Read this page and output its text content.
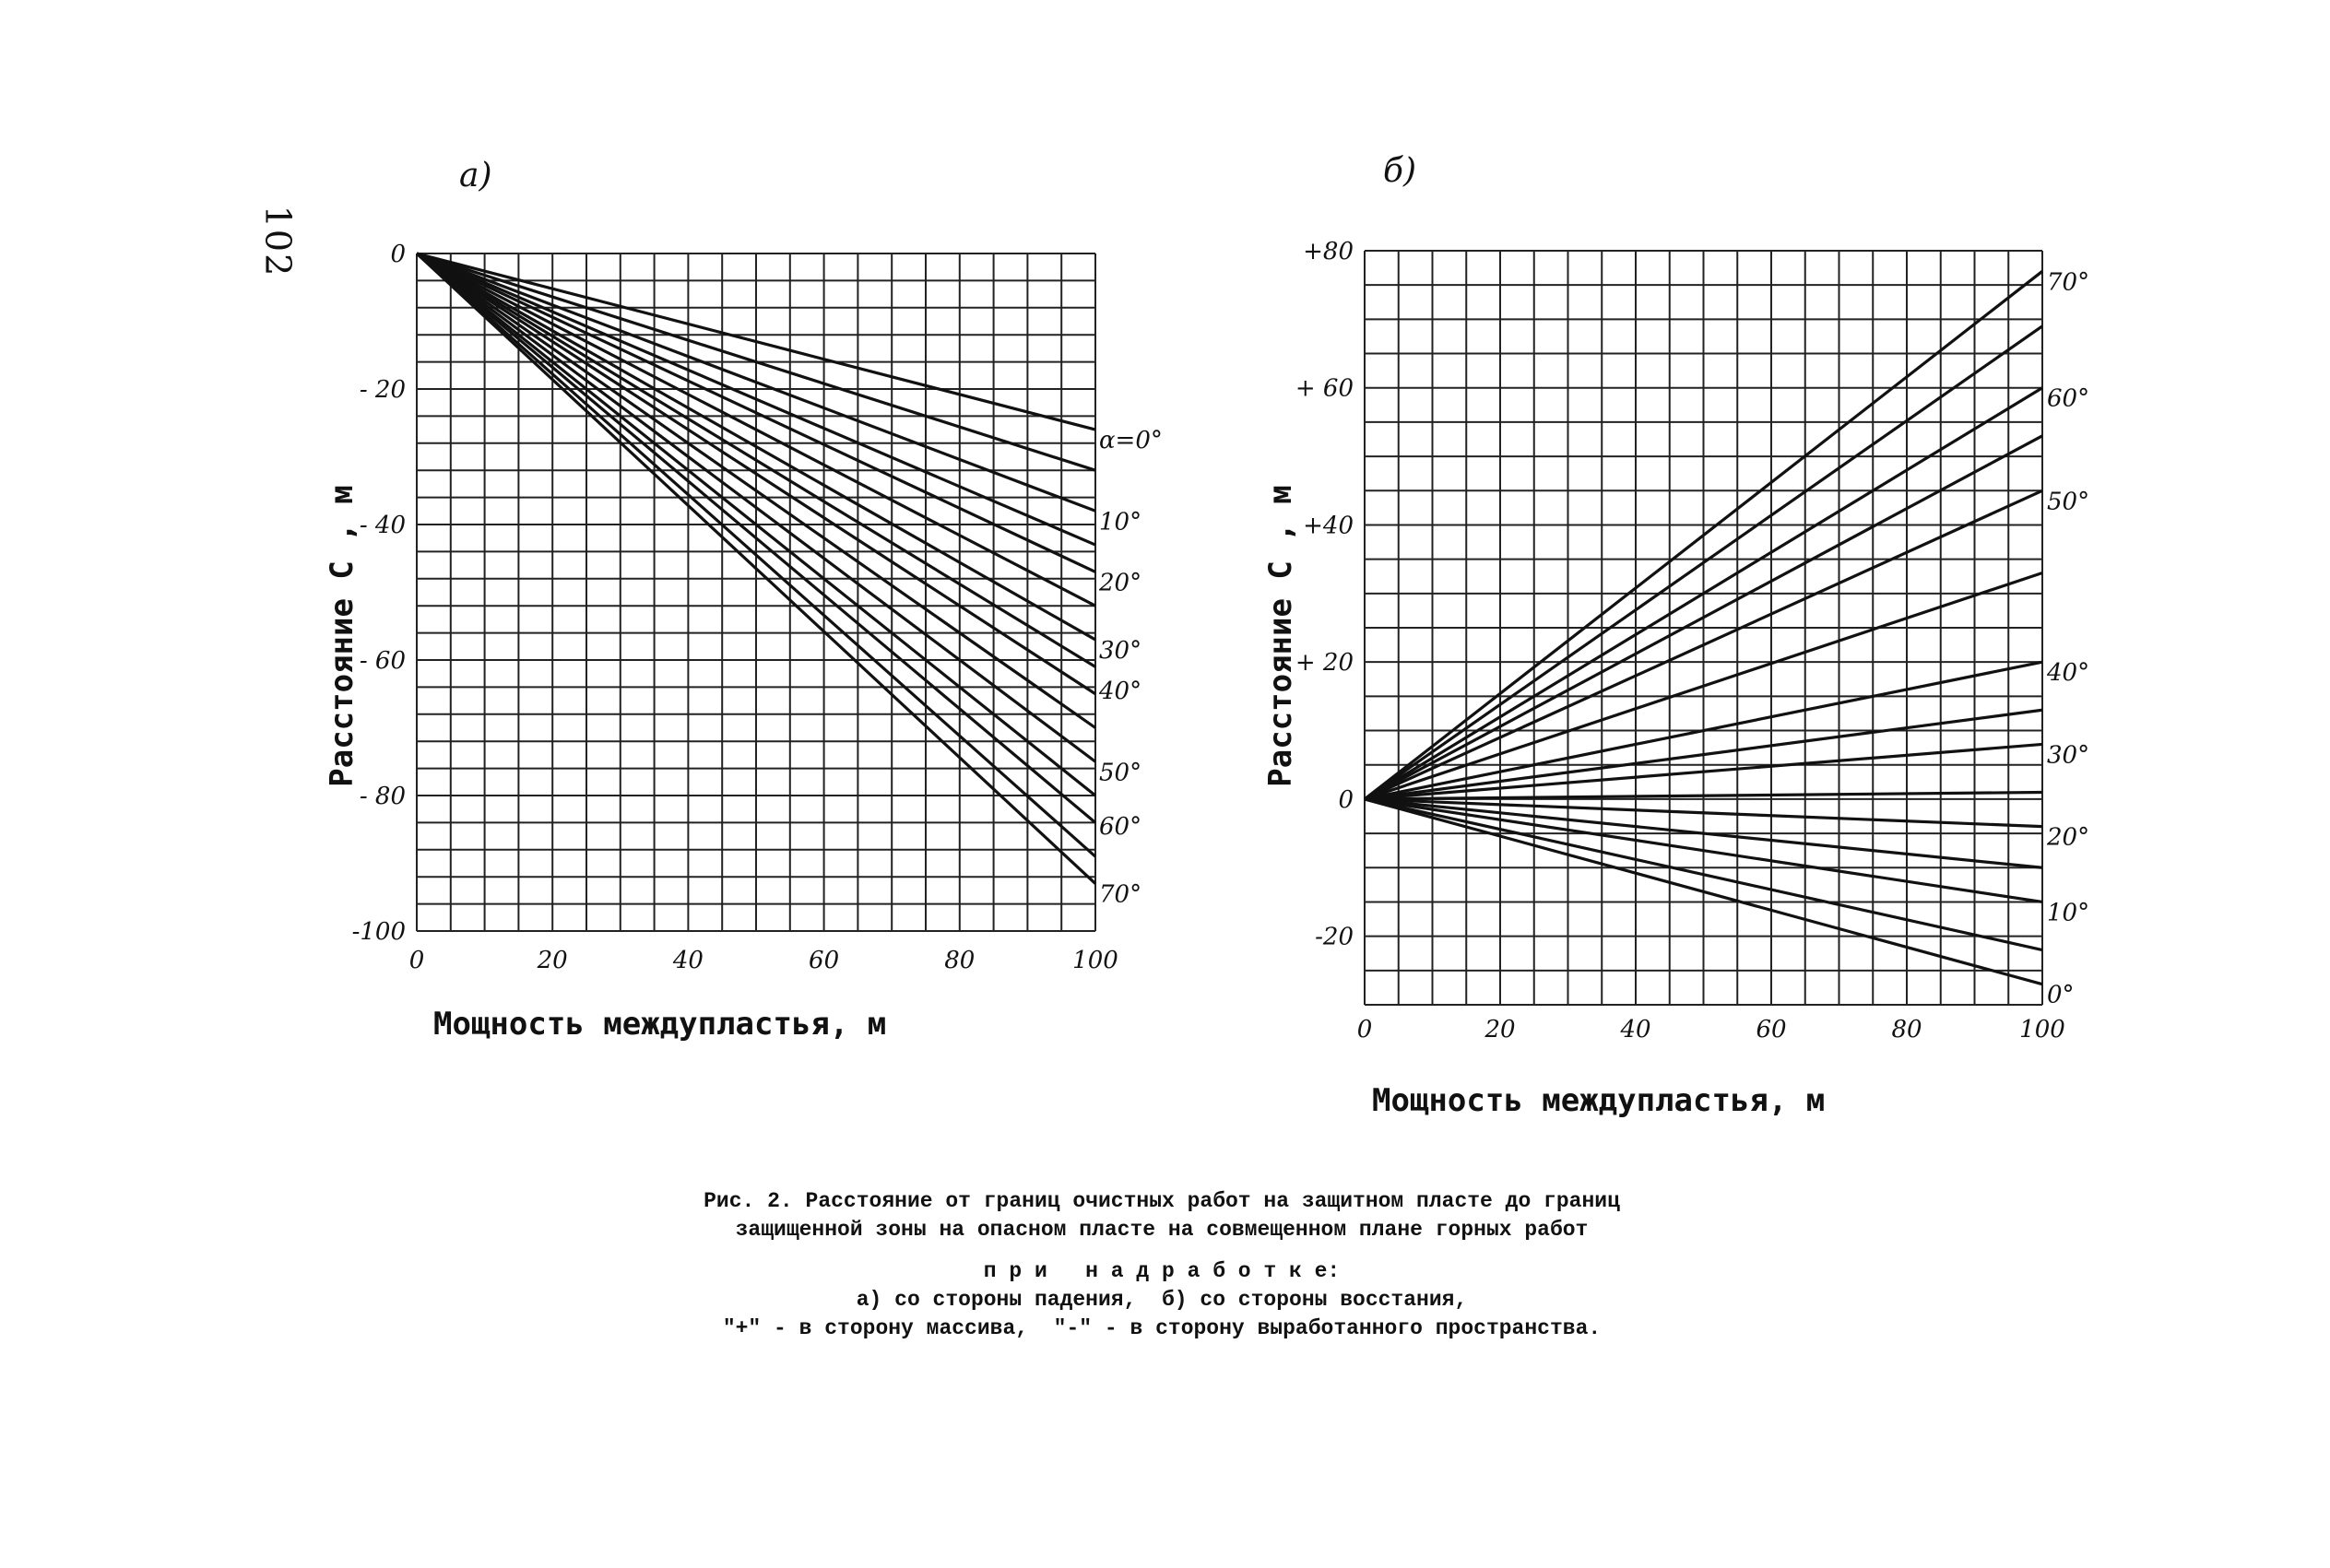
102
а)	б)
0	20	40	60	80	100
0
- 20
- 40
- 60
- 80
-100
α=0°
10°
20°
30°
40°
50°
60°
70°
Мощность междупластья, м
Расстояние С , м
0	20	40	60	80	100
+80
+ 60
+40
+ 20
0
-20
70°
60°
50°
40°
30°
20°
10°
0°
Мощность междупластья, м
Расстояние С , м
Рис. 2. Расстояние от границ очистных работ на защитном пласте до границ
защищенной зоны на опасном пласте на совмещенном плане горных работ
п р и   н а д р а б о т к е:
а) со стороны падения,  б) со стороны восстания,
"+" - в сторону массива,  "-" - в сторону выработанного пространства.
